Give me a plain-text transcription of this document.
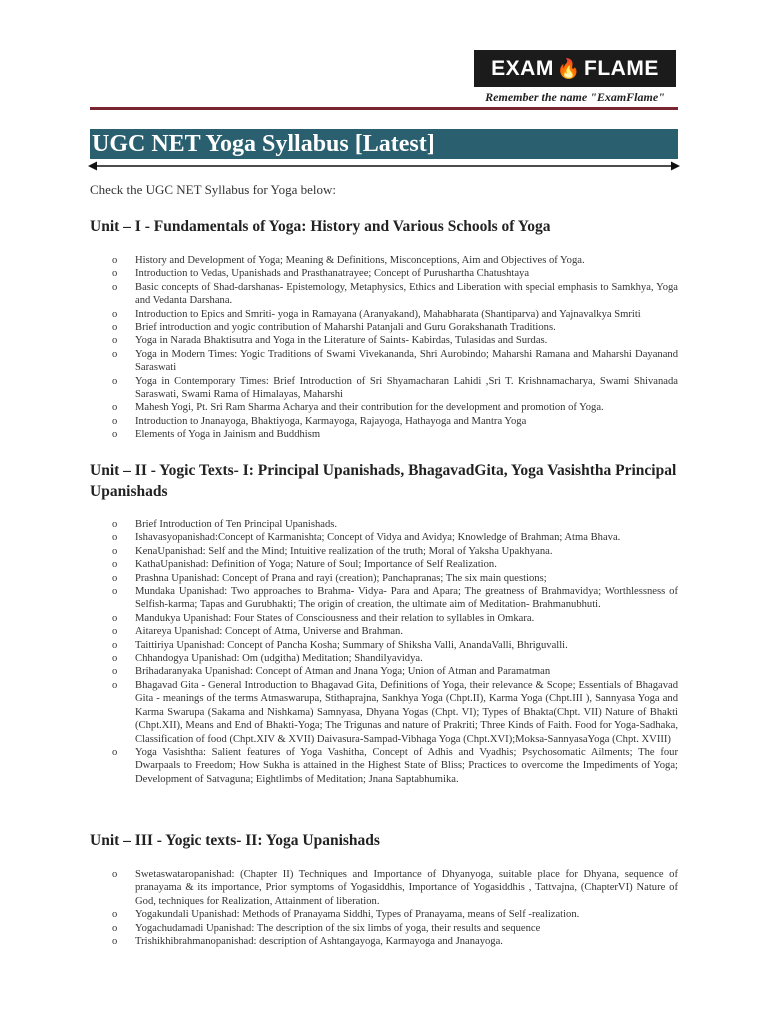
EXAM 🔥 FLAME
Remember the name "ExamFlame"
UGC NET Yoga Syllabus [Latest]
Check the UGC NET Syllabus for Yoga below:
Unit – I - Fundamentals of Yoga: History and Various Schools of Yoga
o History and Development of Yoga; Meaning & Definitions, Misconceptions, Aim and Objectives of Yoga.
o Introduction to Vedas, Upanishads and Prasthanatrayee; Concept of Purushartha Chatushtaya
o Basic concepts of Shad-darshanas- Epistemology, Metaphysics, Ethics and Liberation with special emphasis to Samkhya, Yoga and Vedanta Darshana.
o Introduction to Epics and Smriti- yoga in Ramayana (Aranyakand), Mahabharata (Shantiparva) and Yajnavalkya Smriti
o Brief introduction and yogic contribution of Maharshi Patanjali and Guru Gorakshanath Traditions.
o Yoga in Narada Bhaktisutra and Yoga in the Literature of Saints- Kabirdas, Tulasidas and Surdas.
o Yoga in Modern Times: Yogic Traditions of Swami Vivekananda, Shri Aurobindo; Maharshi Ramana and Maharshi Dayanand Saraswati
o Yoga in Contemporary Times: Brief Introduction of Sri Shyamacharan Lahidi ,Sri T. Krishnamacharya, Swami Shivanada Saraswati, Swami Rama of Himalayas, Maharshi
o Mahesh Yogi, Pt. Sri Ram Sharma Acharya and their contribution for the development and promotion of Yoga.
o Introduction to Jnanayoga, Bhaktiyoga, Karmayoga, Rajayoga, Hathayoga and Mantra Yoga
o Elements of Yoga in Jainism and Buddhism
Unit – II - Yogic Texts- I: Principal Upanishads, BhagavadGita, Yoga Vasishtha Principal Upanishads
o Brief Introduction of Ten Principal Upanishads.
o Ishavasyopanishad:Concept of Karmanishta; Concept of Vidya and Avidya; Knowledge of Brahman; Atma Bhava.
o KenaUpanishad: Self and the Mind; Intuitive realization of the truth; Moral of Yaksha Upakhyana.
o KathaUpanishad: Definition of Yoga; Nature of Soul; Importance of Self Realization.
o Prashna Upanishad: Concept of Prana and rayi (creation); Panchapranas; The six main questions;
o Mundaka Upanishad: Two approaches to Brahma- Vidya- Para and Apara; The greatness of Brahmavidya; Worthlessness of Selfish-karma; Tapas and Gurubhakti; The origin of creation, the ultimate aim of Meditation- Brahmanubhuti.
o Mandukya Upanishad: Four States of Consciousness and their relation to syllables in Omkara.
o Aitareya Upanishad: Concept of Atma, Universe and Brahman.
o Taittiriya Upanishad: Concept of Pancha Kosha; Summary of Shiksha Valli, AnandaValli, Bhriguvalli.
o Chhandogya Upanishad: Om (udgitha) Meditation; Shandilyavidya.
o Brihadaranyaka Upanishad: Concept of Atman and Jnana Yoga; Union of Atman and Paramatman
o Bhagavad Gita - General Introduction to Bhagavad Gita, Definitions of Yoga, their relevance & Scope; Essentials of Bhagavad Gita - meanings of the terms Atmaswarupa, Stithaprajna, Sankhya Yoga (Chpt.II), Karma Yoga (Chpt.III ), Sannyasa Yoga and Karma Swarupa (Sakama and Nishkama) Samnyasa, Dhyana Yogas (Chpt. VI); Types of Bhakta(Chpt. VII) Nature of Bhakti (Chpt.XII), Means and End of Bhakti-Yoga; The Trigunas and nature of Prakriti; Three Kinds of Faith. Food for Yoga-Sadhaka, Classification of food (Chpt.XIV & XVII) Daivasura-Sampad-Vibhaga Yoga (Chpt.XVI);Moksa-SannyasaYoga (Chpt. XVIII)
o Yoga Vasishtha: Salient features of Yoga Vashitha, Concept of Adhis and Vyadhis; Psychosomatic Ailments; The four Dwarpaals to Freedom; How Sukha is attained in the Highest State of Bliss; Practices to overcome the Impediments of Yoga; Development of Satvaguna; Eightlimbs of Meditation; Jnana Saptabhumika.
Unit – III - Yogic texts- II: Yoga Upanishads
o Swetaswataropanishad: (Chapter II) Techniques and Importance of Dhyanyoga, suitable place for Dhyana, sequence of pranayama & its importance, Prior symptoms of Yogasiddhis, Importance of Yogasiddhis , Tattvajna, (ChapterVI) Nature of God, techniques for Realization, Attainment of liberation.
o Yogakundali Upanishad: Methods of Pranayama Siddhi, Types of Pranayama, means of Self -realization.
o Yogachudamadi Upanishad: The description of the six limbs of yoga, their results and sequence
o Trishikhibrahmanopanishad: description of Ashtangayoga, Karmayoga and Jnanayoga.
